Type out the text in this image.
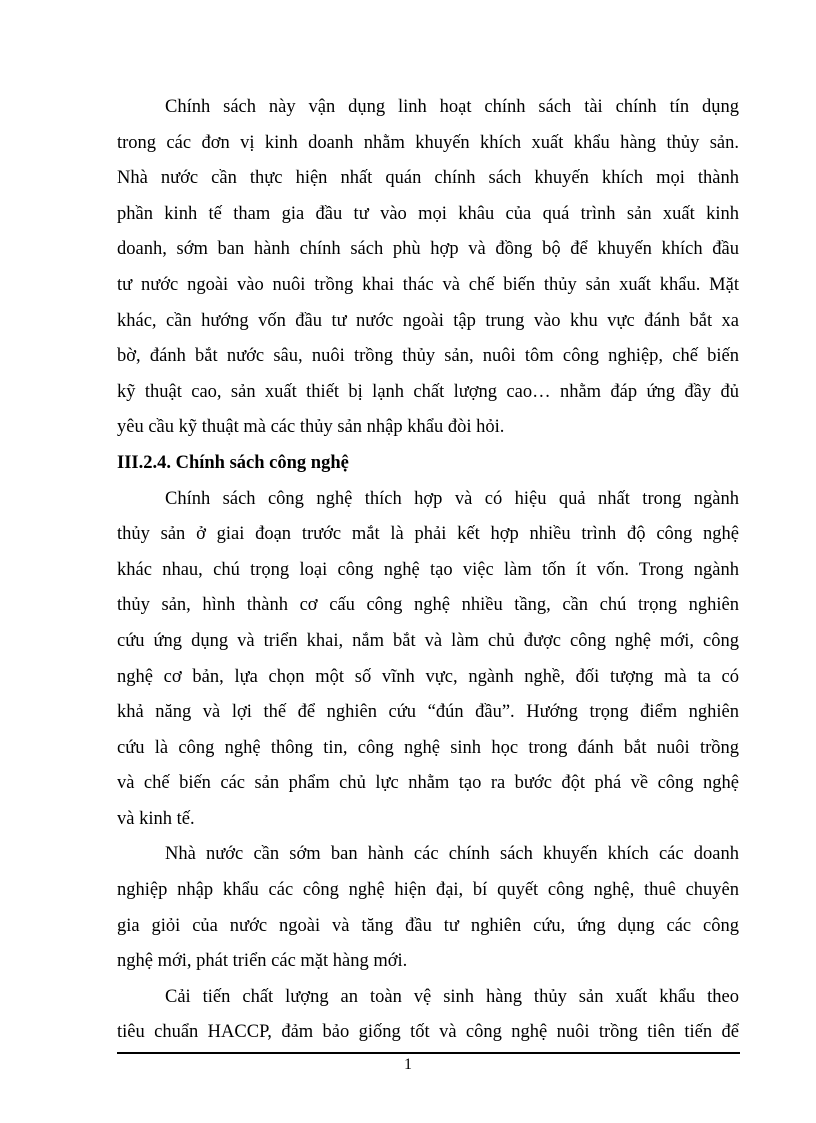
Chính sách này vận dụng linh hoạt chính sách tài chính tín dụng
trong các đơn vị kinh doanh nhằm khuyến khích xuất khẩu hàng thủy sản.
Nhà nước cần thực hiện nhất quán chính sách khuyến khích mọi thành
phần kinh tế tham gia đầu tư vào mọi khâu của quá trình sản xuất kinh
doanh, sớm ban hành chính sách phù hợp và đồng bộ để khuyến khích đầu
tư nước ngoài vào nuôi trồng khai thác và chế biến thủy sản xuất khẩu. Mặt
khác, cần hướng vốn đầu tư nước ngoài tập trung vào khu vực đánh bắt xa
bờ, đánh bắt nước sâu, nuôi trồng thủy sản, nuôi tôm công nghiệp, chế biến
kỹ thuật cao, sản xuất thiết bị lạnh chất lượng cao… nhằm đáp ứng đầy đủ
yêu cầu kỹ thuật mà các thủy sản nhập khẩu đòi hỏi.
III.2.4. Chính sách công nghệ
Chính sách công nghệ thích hợp và có hiệu quả nhất trong ngành
thủy sản ở giai đoạn trước mắt là phải kết hợp nhiều trình độ công nghệ
khác nhau, chú trọng loại công nghệ tạo việc làm tốn ít vốn. Trong ngành
thủy sản, hình thành cơ cấu công nghệ nhiều tầng, cần chú trọng nghiên
cứu ứng dụng và triển khai, nắm bắt và làm chủ được công nghệ mới, công
nghệ cơ bản, lựa chọn một số vĩnh vực, ngành nghề, đối tượng mà ta có
khả năng và lợi thế để nghiên cứu “đún đầu”. Hướng trọng điểm nghiên
cứu là công nghệ thông tin, công nghệ sinh học trong đánh bắt nuôi trồng
và chế biến các sản phẩm chủ lực nhằm tạo ra bước đột phá về công nghệ
và kinh tế.
Nhà nước cần sớm ban hành các chính sách khuyến khích các doanh
nghiệp nhập khẩu các công nghệ hiện đại, bí quyết công nghệ, thuê chuyên
gia giỏi của nước ngoài và tăng đầu tư nghiên cứu, ứng dụng các công
nghệ mới, phát triển các mặt hàng mới.
Cải tiến chất lượng an toàn vệ sinh hàng thủy sản xuất khẩu theo
tiêu chuẩn HACCP, đảm bảo giống tốt và công nghệ nuôi trồng tiên tiến để
1
